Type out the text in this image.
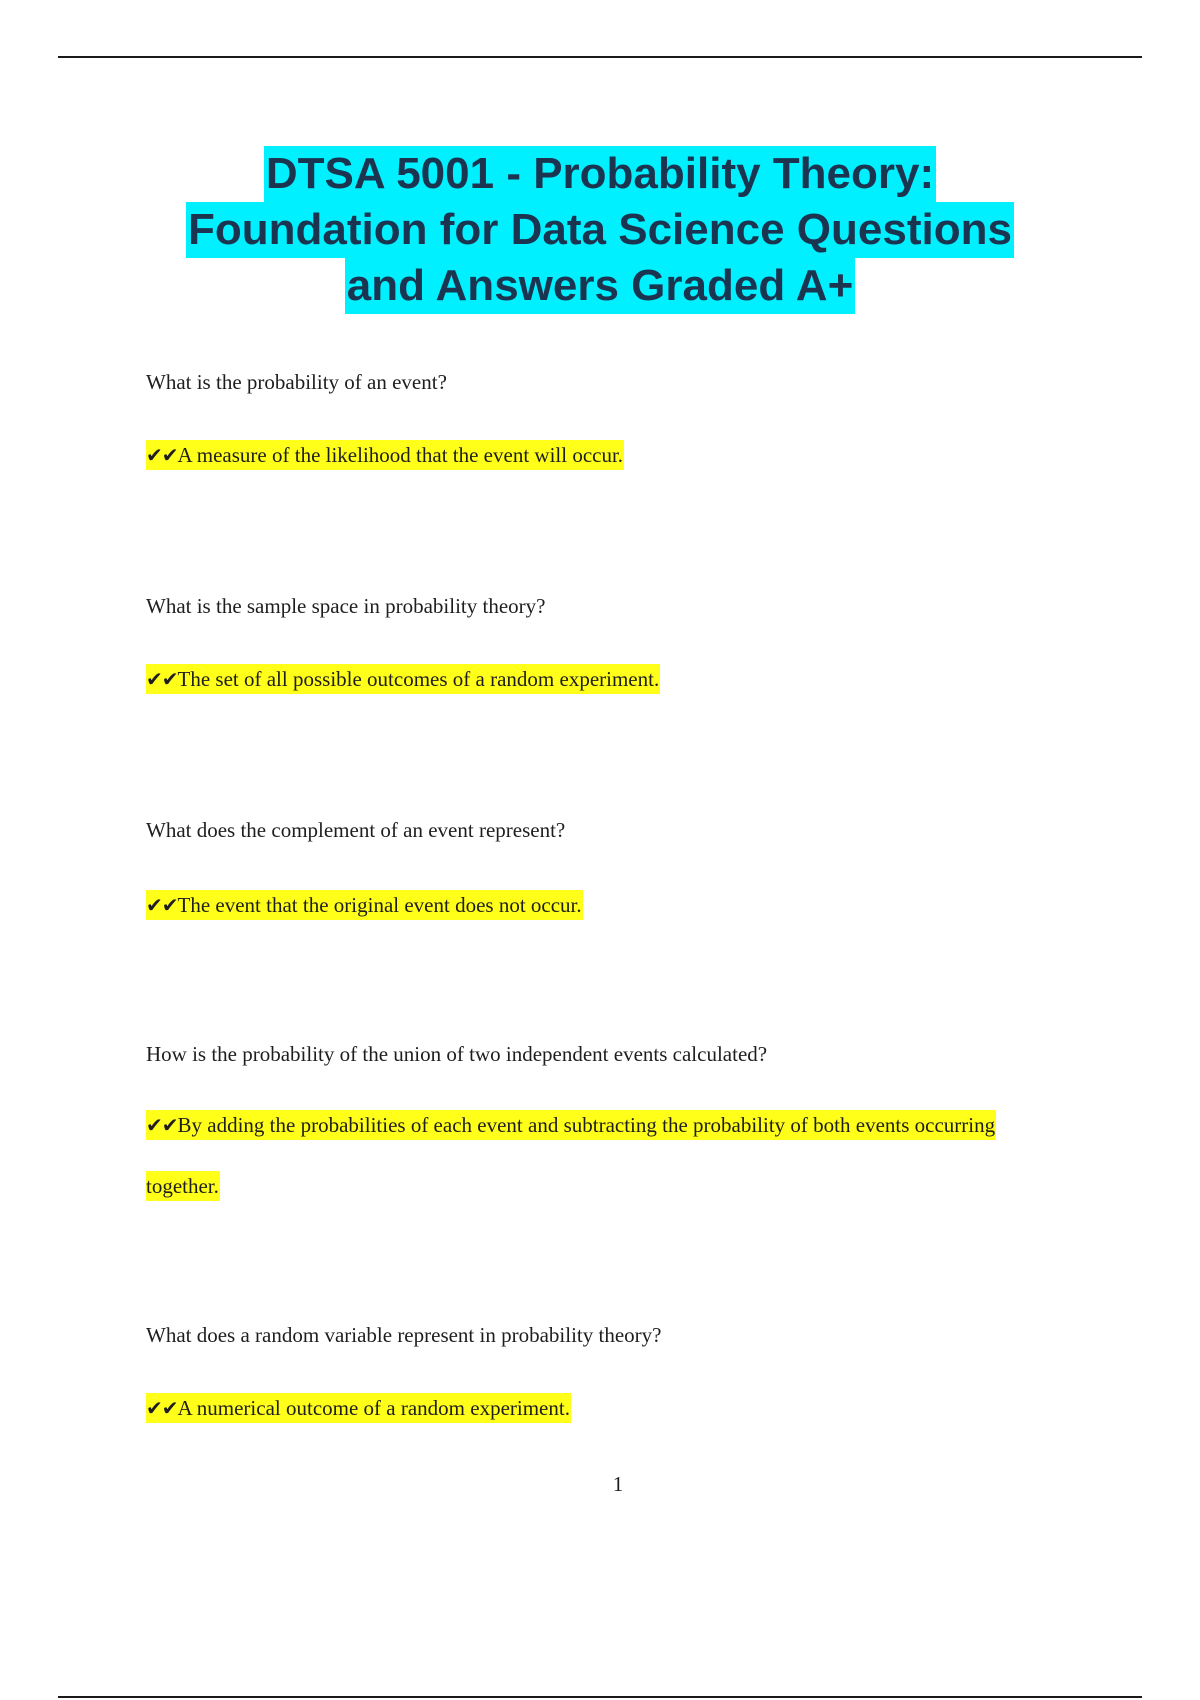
DTSA 5001 - Probability Theory:
Foundation for Data Science Questions
and Answers Graded A+
What is the probability of an event?
✔✔A measure of the likelihood that the event will occur.
What is the sample space in probability theory?
✔✔The set of all possible outcomes of a random experiment.
What does the complement of an event represent?
✔✔The event that the original event does not occur.
How is the probability of the union of two independent events calculated?
✔✔By adding the probabilities of each event and subtracting the probability of both events occurring together.
What does a random variable represent in probability theory?
✔✔A numerical outcome of a random experiment.
1
